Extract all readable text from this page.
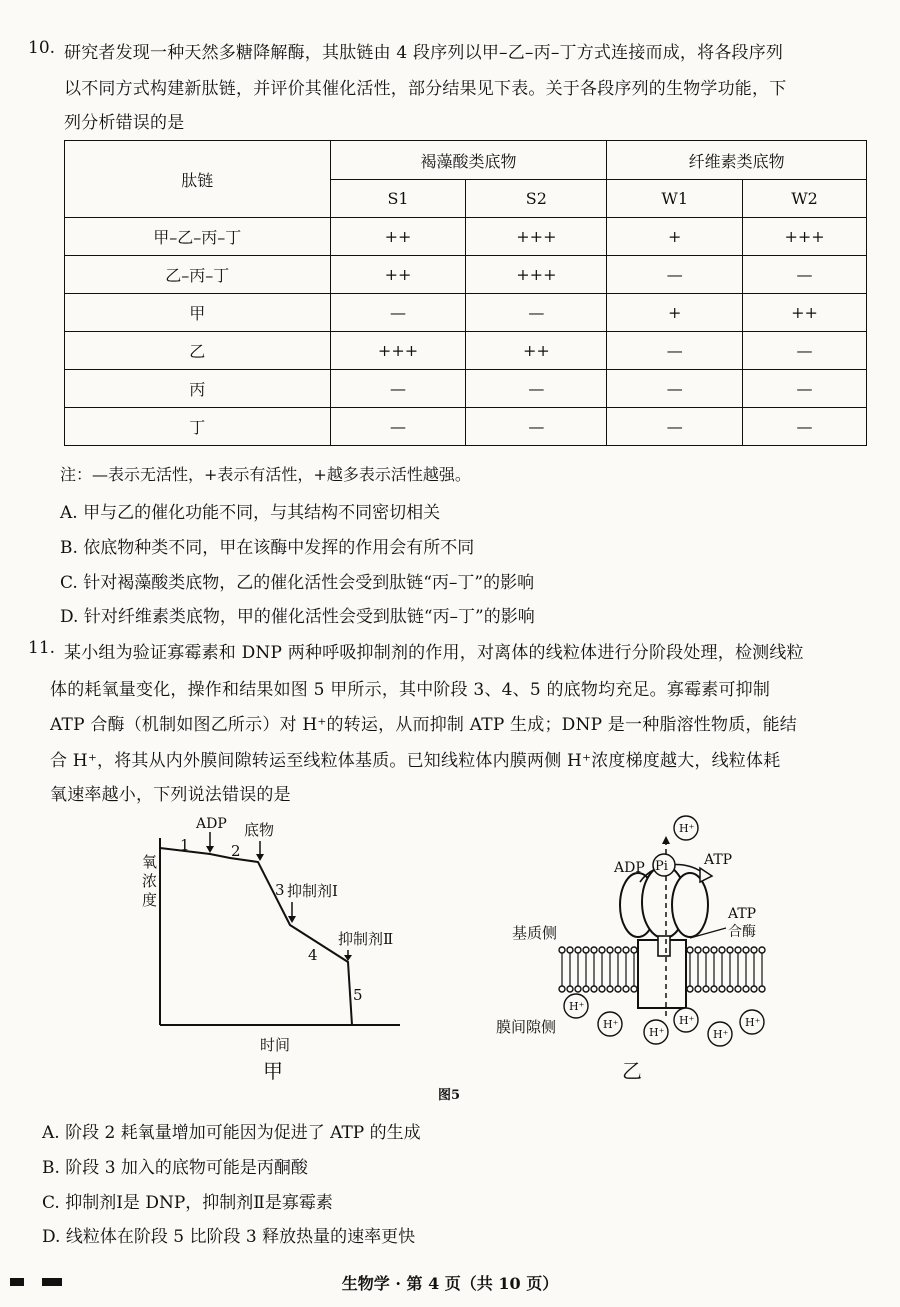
10. 研究者发现一种天然多糖降解酶，其肽链由 4 段序列以甲–乙–丙–丁方式连接而成，将各段序列
以不同方式构建新肽链，并评价其催化活性，部分结果见下表。关于各段序列的生物学功能，下
列分析错误的是
肽链	褐藻酸类底物		纤维素类底物	
	S1	S2	W1	W2
甲–乙–丙–丁	++	+++	+	+++
乙–丙–丁	++	+++	—	—
甲	—	—	+	++
乙	+++	++	—	—
丙	—	—	—	—
丁	—	—	—	—
注：—表示无活性，+表示有活性，+越多表示活性越强。
A. 甲与乙的催化功能不同，与其结构不同密切相关
B. 依底物种类不同，甲在该酶中发挥的作用会有所不同
C. 针对褐藻酸类底物，乙的催化活性会受到肽链“丙–丁”的影响
D. 针对纤维素类底物，甲的催化活性会受到肽链“丙–丁”的影响
11. 某小组为验证寡霉素和 DNP 两种呼吸抑制剂的作用，对离体的线粒体进行分阶段处理，检测线粒
体的耗氧量变化，操作和结果如图 5 甲所示，其中阶段 3、4、5 的底物均充足。寡霉素可抑制
ATP 合酶（机制如图乙所示）对 H⁺的转运，从而抑制 ATP 生成；DNP 是一种脂溶性物质，能结
合 H⁺，将其从内外膜间隙转运至线粒体基质。已知线粒体内膜两侧 H⁺浓度梯度越大，线粒体耗
氧速率越小，下列说法错误的是
氧
浓
度
时间
甲
1	2
3
4
5
ADP 底物
抑制剂Ⅰ
抑制剂Ⅱ
ADP Pi	ATP
ATP
合酶
基质侧
膜间隙侧
H⁺
H⁺
H⁺
H⁺
H⁺
H⁺
H⁺
乙
图5
A. 阶段 2 耗氧量增加可能因为促进了 ATP 的生成
B. 阶段 3 加入的底物可能是丙酮酸
C. 抑制剂Ⅰ是 DNP，抑制剂Ⅱ是寡霉素
D. 线粒体在阶段 5 比阶段 3 释放热量的速率更快
生物学 · 第 4 页（共 10 页）
